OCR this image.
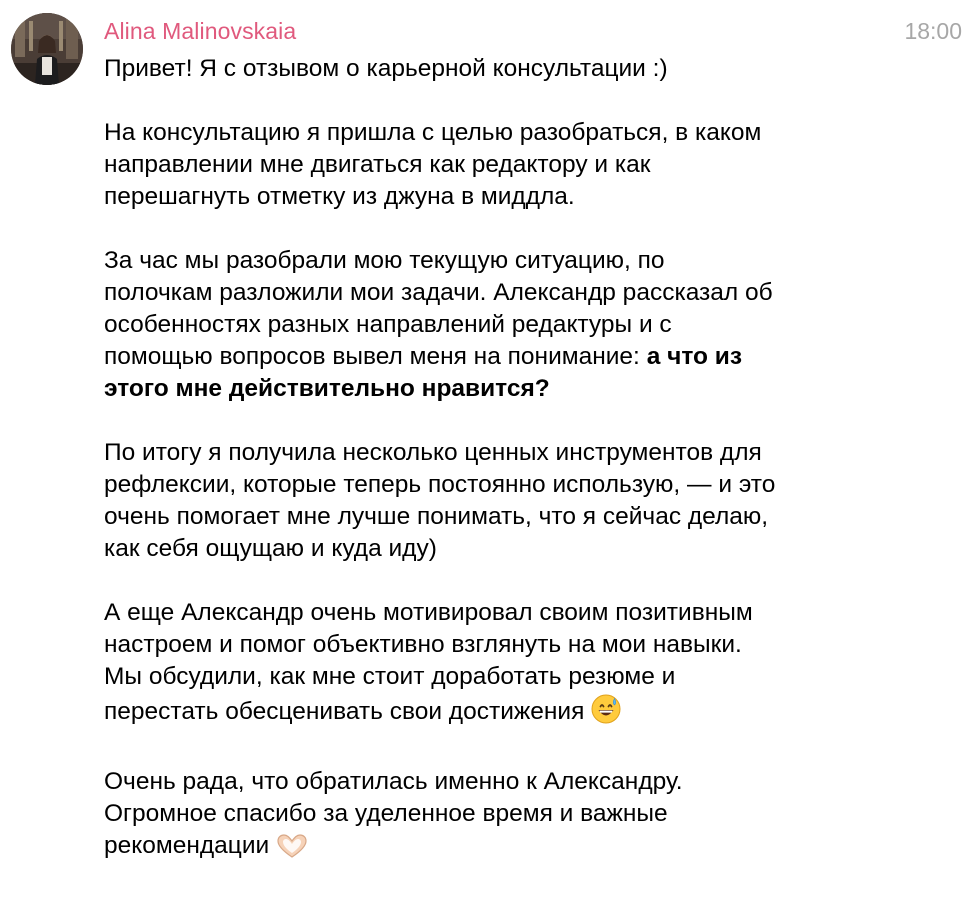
Alina Malinovskaia	18:00

Привет! Я с отзывом о карьерной консультации :)

На консультацию я пришла с целью разобраться, в каком
направлении мне двигаться как редактору и как
перешагнуть отметку из джуна в миддла.

За час мы разобрали мою текущую ситуацию, по
полочкам разложили мои задачи. Александр рассказал об
особенностях разных направлений редактуры и с
помощью вопросов вывел меня на понимание: а что из
этого мне действительно нравится?

По итогу я получила несколько ценных инструментов для
рефлексии, которые теперь постоянно использую, — и это
очень помогает мне лучше понимать, что я сейчас делаю,
как себя ощущаю и куда иду)

А еще Александр очень мотивировал своим позитивным
настроем и помог объективно взглянуть на мои навыки.
Мы обсудили, как мне стоит доработать резюме и
перестать обесценивать свои достижения

Очень рада, что обратилась именно к Александру.
Огромное спасибо за уделенное время и важные
рекомендации
